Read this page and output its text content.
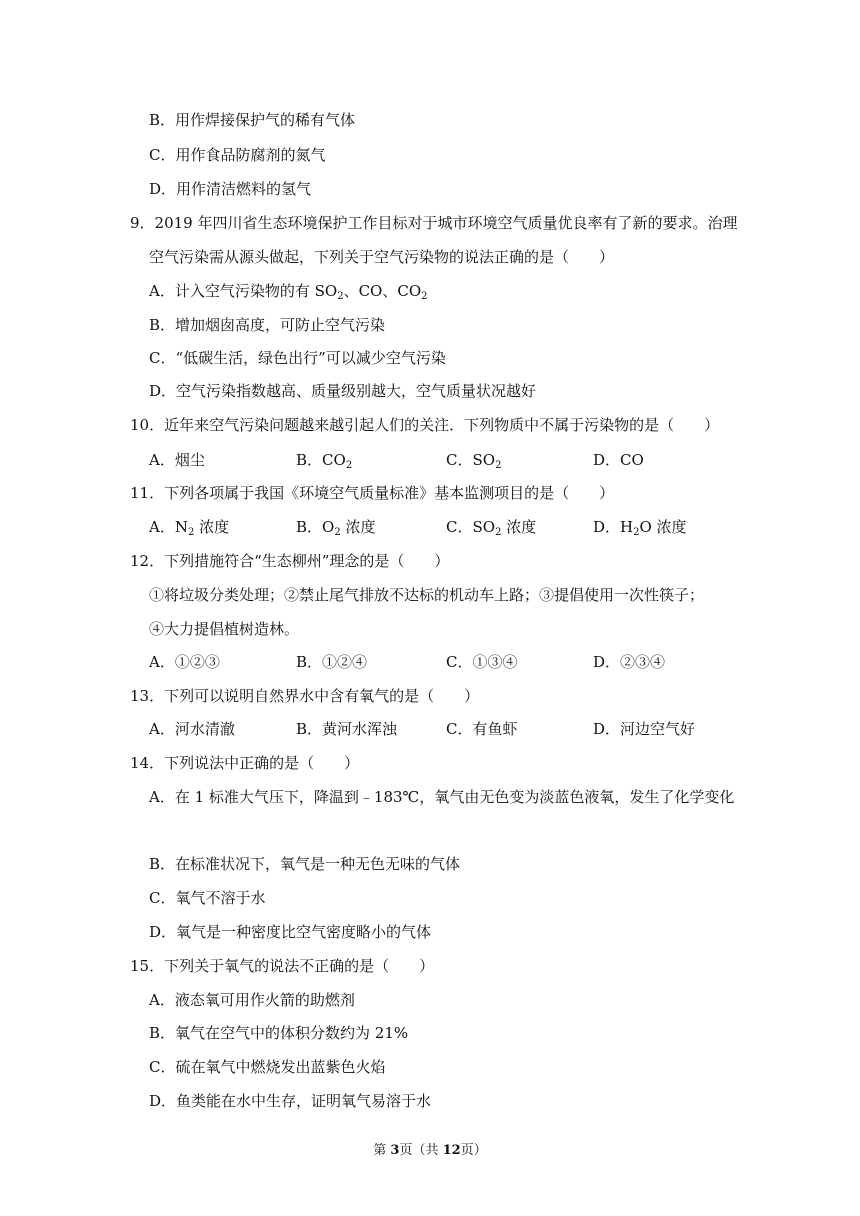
B．用作焊接保护气的稀有气体
C．用作食品防腐剂的氮气
D．用作清洁燃料的氢气
9．2019 年四川省生态环境保护工作目标对于城市环境空气质量优良率有了新的要求。治理
空气污染需从源头做起，下列关于空气污染物的说法正确的是（　　）
A．计入空气污染物的有 $SO_2$、CO、$CO_2$
B．增加烟囱高度，可防止空气污染
C．“低碳生活，绿色出行”可以减少空气污染
D．空气污染指数越高、质量级别越大，空气质量状况越好
10．近年来空气污染问题越来越引起人们的关注．下列物质中不属于污染物的是（　　）
A．烟尘	B．$CO_2$	C．$SO_2$	D．CO
11．下列各项属于我国《环境空气质量标准》基本监测项目的是（　　）
A．$N_2$ 浓度	B．$O_2$ 浓度	C．$SO_2$ 浓度	D．$H_2O$ 浓度
12．下列措施符合“生态柳州”理念的是（　　）
①将垃圾分类处理；②禁止尾气排放不达标的机动车上路；③提倡使用一次性筷子；
④大力提倡植树造林。
A．①②③	B．①②④	C．①③④	D．②③④
13．下列可以说明自然界水中含有氧气的是（　　）
A．河水清澈	B．黄河水浑浊	C．有鱼虾	D．河边空气好
14．下列说法中正确的是（　　）
A．在 1 标准大气压下，降温到﹣183℃，氧气由无色变为淡蓝色液氧，发生了化学变化
B．在标准状况下，氧气是一种无色无味的气体
C．氧气不溶于水
D．氧气是一种密度比空气密度略小的气体
15．下列关于氧气的说法不正确的是（　　）
A．液态氧可用作火箭的助燃剂
B．氧气在空气中的体积分数约为 21%
C．硫在氧气中燃烧发出蓝紫色火焰
D．鱼类能在水中生存，证明氧气易溶于水
第 3页（共 12页）
